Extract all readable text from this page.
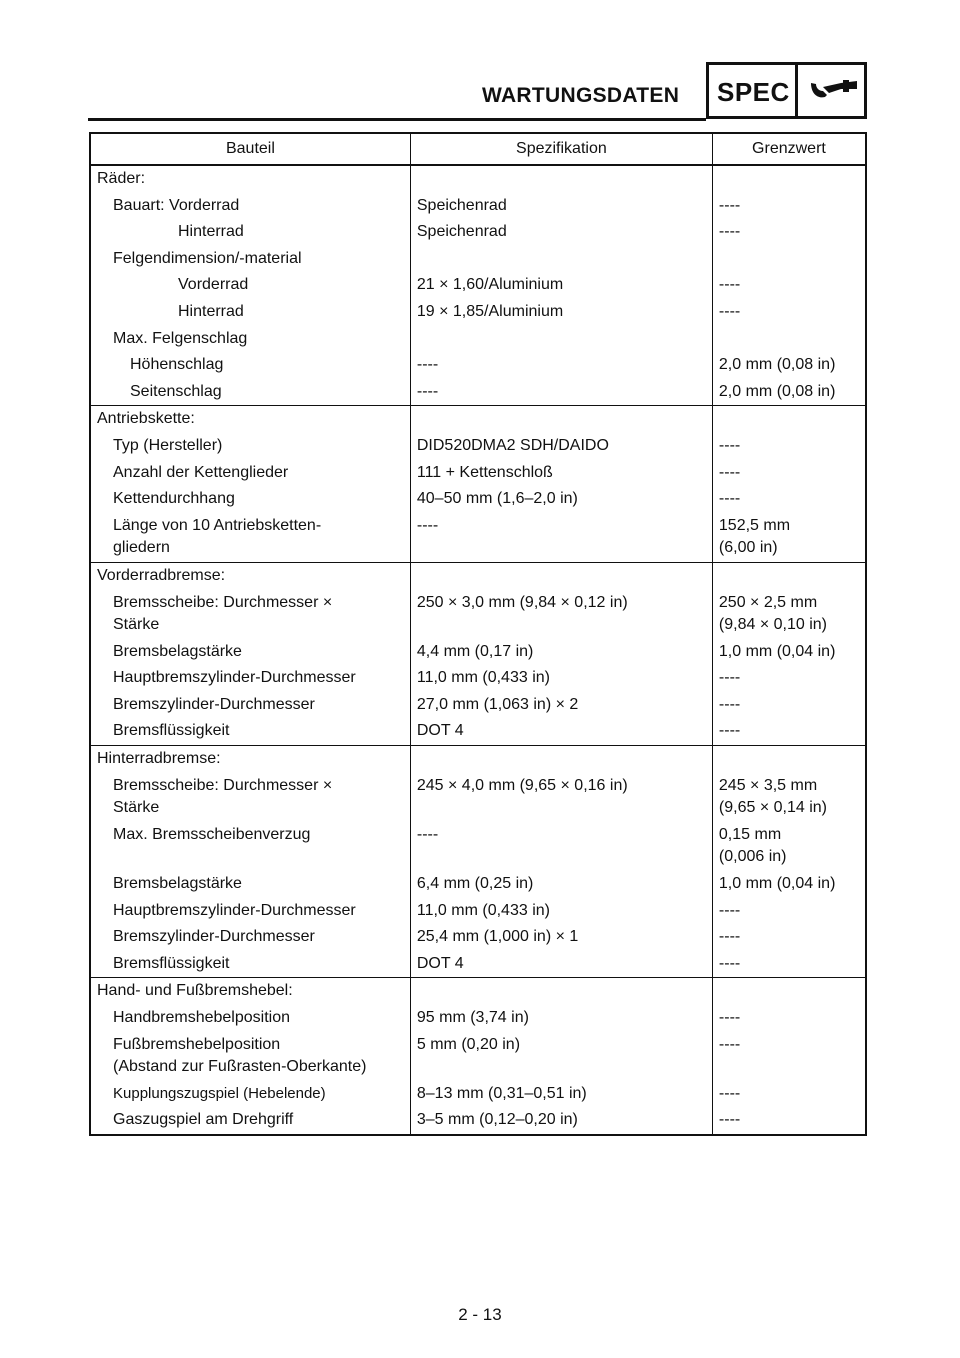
WARTUNGSDATEN SPEC
Bauteil	Spezifikation	Grenzwert
Räder:		
Bauart: Vorderrad	Speichenrad	----
Hinterrad	Speichenrad	----
Felgendimension/-material		
Vorderrad	21 × 1,60/Aluminium	----
Hinterrad	19 × 1,85/Aluminium	----
Max. Felgenschlag		
Höhenschlag	----	2,0 mm (0,08 in)
Seitenschlag	----	2,0 mm (0,08 in)
Antriebskette:		
Typ (Hersteller)	DID520DMA2 SDH/DAIDO	----
Anzahl der Kettenglieder	111 + Kettenschloß	----
Kettendurchhang	40–50 mm (1,6–2,0 in)	----
Länge von 10 Antriebsketten-
gliedern	----	152,5 mm
(6,00 in)
Vorderradbremse:		
Bremsscheibe: Durchmesser ×
Stärke	250 × 3,0 mm (9,84 × 0,12 in)	250 × 2,5 mm
(9,84 × 0,10 in)
Bremsbelagstärke	4,4 mm (0,17 in)	1,0 mm (0,04 in)
Hauptbremszylinder-Durchmesser	11,0 mm (0,433 in)	----
Bremszylinder-Durchmesser	27,0 mm (1,063 in) × 2	----
Bremsflüssigkeit	DOT 4	----
Hinterradbremse:		
Bremsscheibe: Durchmesser ×
Stärke	245 × 4,0 mm (9,65 × 0,16 in)	245 × 3,5 mm
(9,65 × 0,14 in)
Max. Bremsscheibenverzug	----	0,15 mm
(0,006 in)
Bremsbelagstärke	6,4 mm (0,25 in)	1,0 mm (0,04 in)
Hauptbremszylinder-Durchmesser	11,0 mm (0,433 in)	----
Bremszylinder-Durchmesser	25,4 mm (1,000 in) × 1	----
Bremsflüssigkeit	DOT 4	----
Hand- und Fußbremshebel:		
Handbremshebelposition	95 mm (3,74 in)	----
Fußbremshebelposition
(Abstand zur Fußrasten-Oberkante)	5 mm (0,20 in)	----
Kupplungszugspiel (Hebelende)	8–13 mm (0,31–0,51 in)	----
Gaszugspiel am Drehgriff	3–5 mm (0,12–0,20 in)	----
2 - 13
